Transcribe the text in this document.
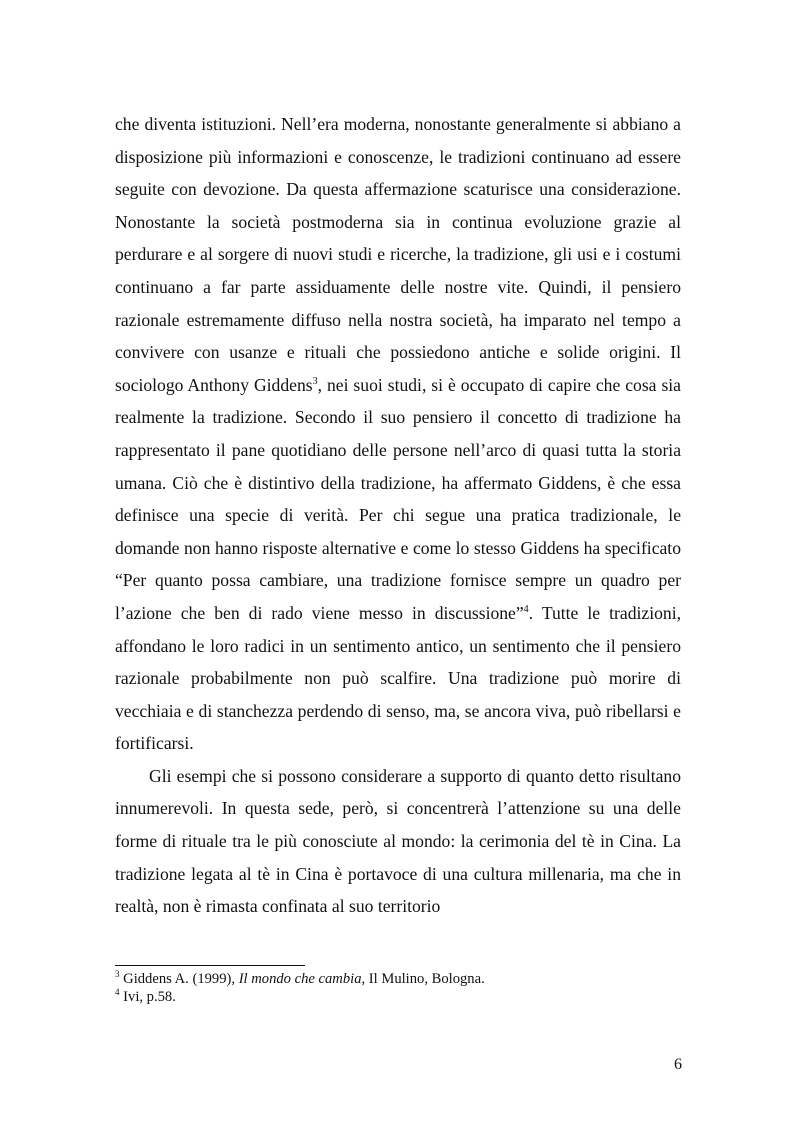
che diventa istituzioni. Nell’era moderna, nonostante generalmente si abbiano a disposizione più informazioni e conoscenze, le tradizioni continuano ad essere seguite con devozione. Da questa affermazione scaturisce una considerazione. Nonostante la società postmoderna sia in continua evoluzione grazie al perdurare e al sorgere di nuovi studi e ricerche, la tradizione, gli usi e i costumi continuano a far parte assiduamente delle nostre vite. Quindi, il pensiero razionale estremamente diffuso nella nostra società, ha imparato nel tempo a convivere con usanze e rituali che possiedono antiche e solide origini. Il sociologo Anthony Giddens$^3$, nei suoi studi, si è occupato di capire che cosa sia realmente la tradizione. Secondo il suo pensiero il concetto di tradizione ha rappresentato il pane quotidiano delle persone nell’arco di quasi tutta la storia umana. Ciò che è distintivo della tradizione, ha affermato Giddens, è che essa definisce una specie di verità. Per chi segue una pratica tradizionale, le domande non hanno risposte alternative e come lo stesso Giddens ha specificato “Per quanto possa cambiare, una tradizione fornisce sempre un quadro per l’azione che ben di rado viene messo in discussione”$^4$. Tutte le tradizioni, affondano le loro radici in un sentimento antico, un sentimento che il pensiero razionale probabilmente non può scalfire. Una tradizione può morire di vecchiaia e di stanchezza perdendo di senso, ma, se ancora viva, può ribellarsi e fortificarsi.

Gli esempi che si possono considerare a supporto di quanto detto risultano innumerevoli. In questa sede, però, si concentrerà l’attenzione su una delle forme di rituale tra le più conosciute al mondo: la cerimonia del tè in Cina. La tradizione legata al tè in Cina è portavoce di una cultura millenaria, ma che in realtà, non è rimasta confinata al suo territorio

$^3$ Giddens A. (1999), Il mondo che cambia, Il Mulino, Bologna.

$^4$ Ivi, p.58.

6
